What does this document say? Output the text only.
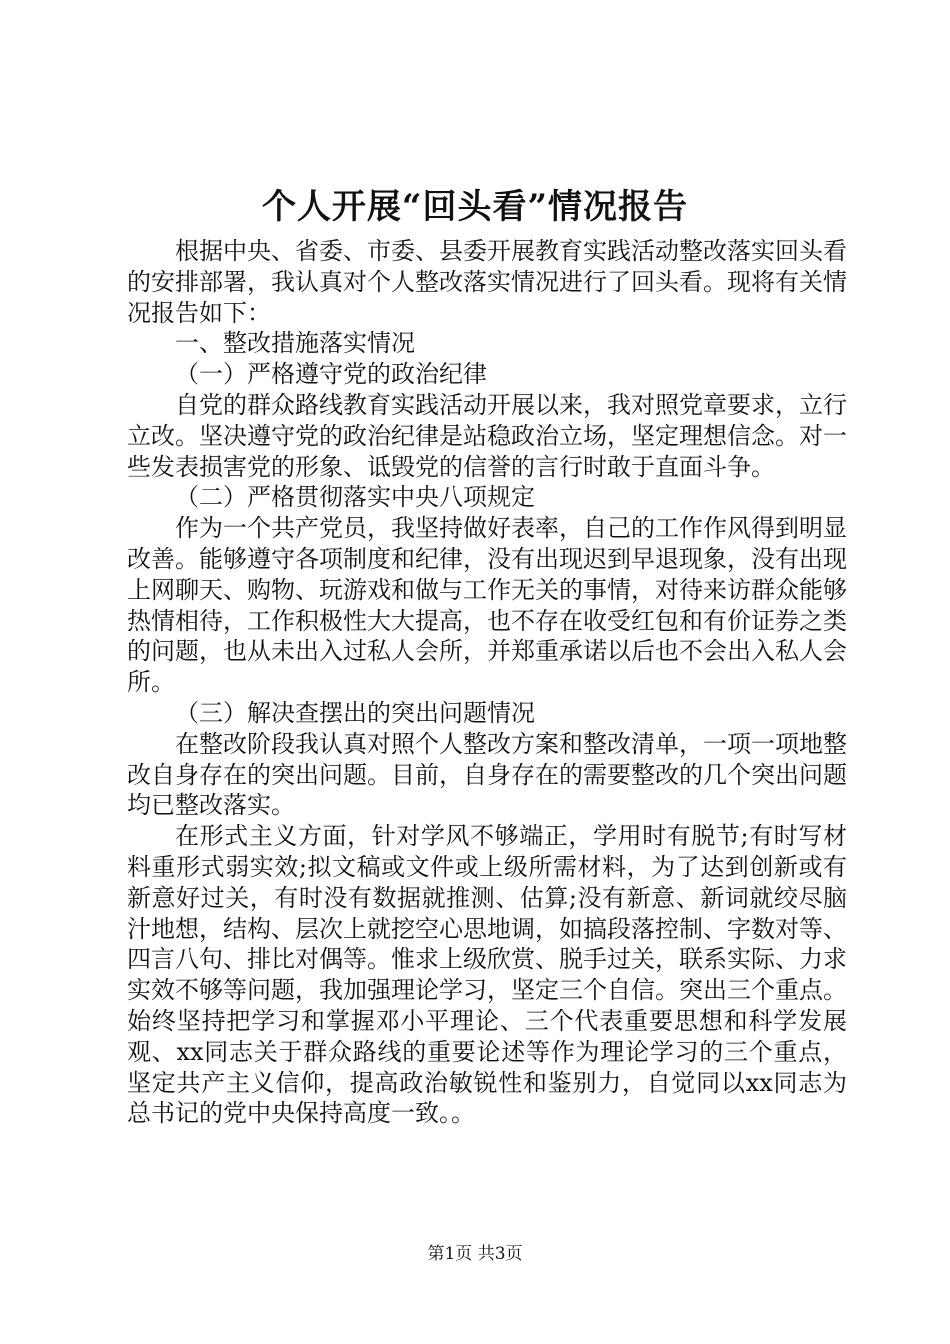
个人开展“回头看”情况报告

根据中央、省委、市委、县委开展教育实践活动整改落实回头看的安排部署，我认真对个人整改落实情况进行了回头看。现将有关情况报告如下：

一、整改措施落实情况

（一）严格遵守党的政治纪律

自党的群众路线教育实践活动开展以来，我对照党章要求，立行立改。坚决遵守党的政治纪律是站稳政治立场，坚定理想信念。对一些发表损害党的形象、诋毁党的信誉的言行时敢于直面斗争。

（二）严格贯彻落实中央八项规定

作为一个共产党员，我坚持做好表率，自己的工作作风得到明显改善。能够遵守各项制度和纪律，没有出现迟到早退现象，没有出现上网聊天、购物、玩游戏和做与工作无关的事情，对待来访群众能够热情相待，工作积极性大大提高，也不存在收受红包和有价证券之类的问题，也从未出入过私人会所，并郑重承诺以后也不会出入私人会所。

（三）解决查摆出的突出问题情况

在整改阶段我认真对照个人整改方案和整改清单，一项一项地整改自身存在的突出问题。目前，自身存在的需要整改的几个突出问题均已整改落实。

在形式主义方面，针对学风不够端正，学用时有脱节;有时写材料重形式弱实效;拟文稿或文件或上级所需材料，为了达到创新或有新意好过关，有时没有数据就推测、估算;没有新意、新词就绞尽脑汁地想，结构、层次上就挖空心思地调，如搞段落控制、字数对等、四言八句、排比对偶等。惟求上级欣赏、脱手过关，联系实际、力求实效不够等问题，我加强理论学习，坚定三个自信。突出三个重点。始终坚持把学习和掌握邓小平理论、三个代表重要思想和科学发展观、xx同志关于群众路线的重要论述等作为理论学习的三个重点，坚定共产主义信仰，提高政治敏锐性和鉴别力，自觉同以xx同志为总书记的党中央保持高度一致。。

第1页 共3页
